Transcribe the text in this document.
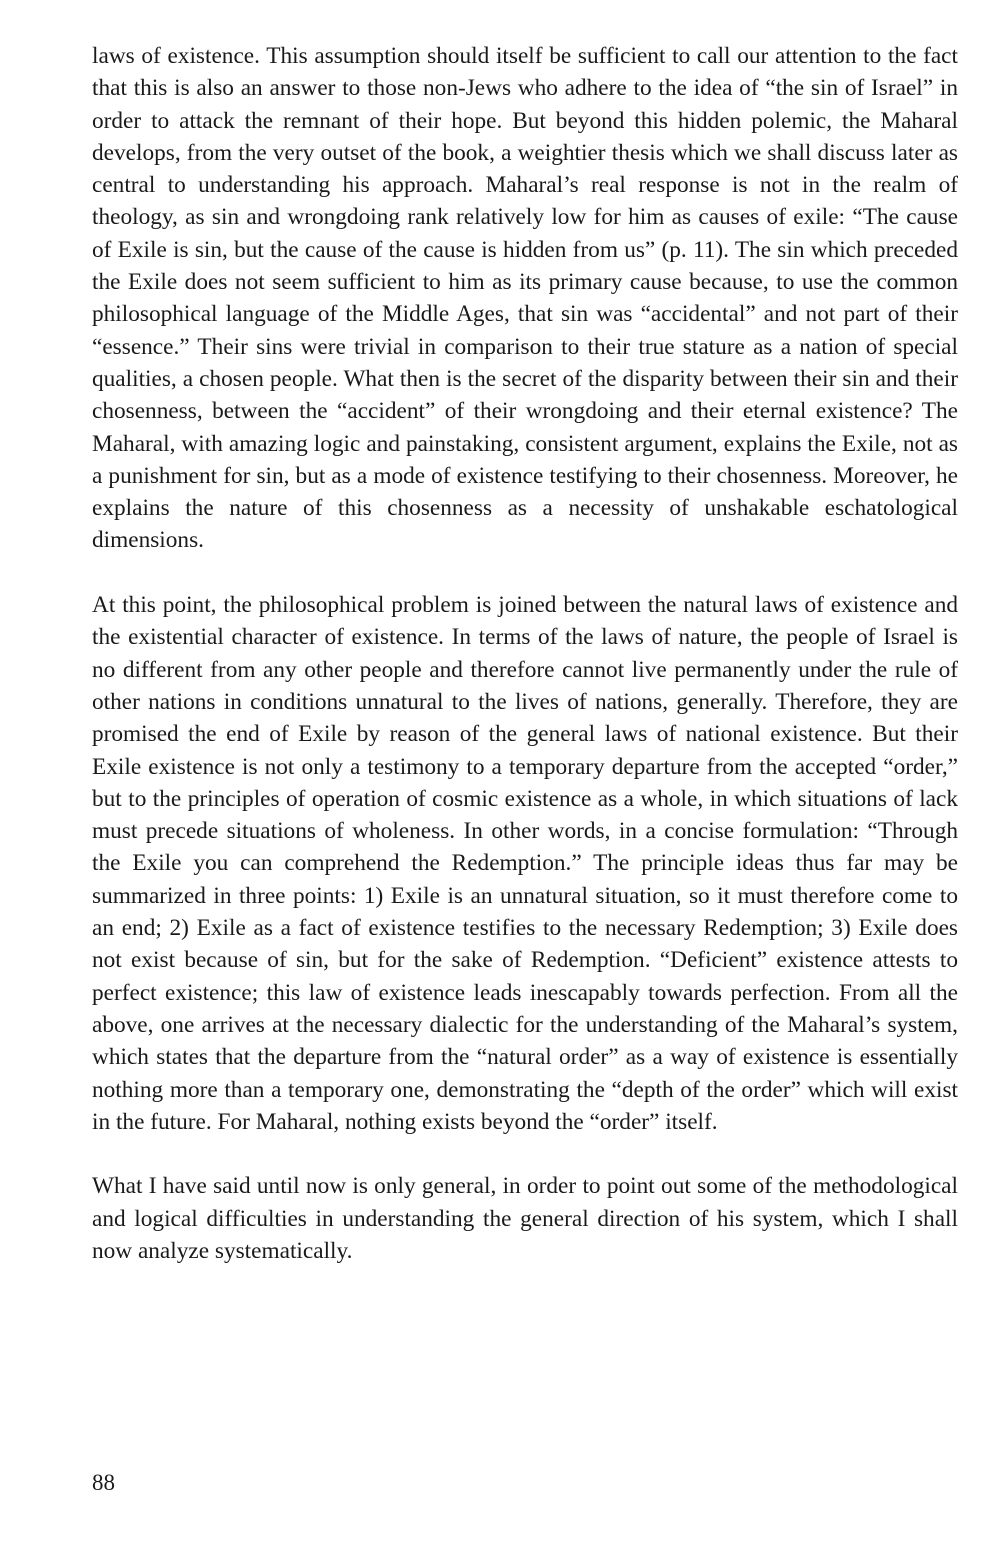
laws of existence. This assumption should itself be sufficient to call our attention to the fact that this is also an answer to those non-Jews who adhere to the idea of “the sin of Israel” in order to attack the remnant of their hope. But beyond this hidden polemic, the Maharal develops, from the very outset of the book, a weightier thesis which we shall discuss later as central to understanding his approach. Maharal’s real response is not in the realm of theology, as sin and wrongdoing rank relatively low for him as causes of exile: “The cause of Exile is sin, but the cause of the cause is hidden from us” (p. 11). The sin which preceded the Exile does not seem sufficient to him as its primary cause because, to use the common philosophical language of the Middle Ages, that sin was “accidental” and not part of their “essence.” Their sins were trivial in comparison to their true stature as a nation of special qualities, a chosen people. What then is the secret of the disparity between their sin and their chosenness, between the “accident” of their wrongdoing and their eternal existence? The Maharal, with amazing logic and painstaking, consistent argument, explains the Exile, not as a punishment for sin, but as a mode of existence testifying to their chosenness. Moreover, he explains the nature of this chosenness as a necessity of unshakable eschatological dimensions.

At this point, the philosophical problem is joined between the natural laws of existence and the existential character of existence. In terms of the laws of nature, the people of Israel is no different from any other people and therefore cannot live permanently under the rule of other nations in conditions unnatural to the lives of nations, generally. Therefore, they are promised the end of Exile by reason of the general laws of national existence. But their Exile existence is not only a testimony to a temporary departure from the accepted “order,” but to the principles of operation of cosmic existence as a whole, in which situations of lack must precede situations of wholeness. In other words, in a concise formulation: “Through the Exile you can comprehend the Redemption.” The principle ideas thus far may be summarized in three points: 1) Exile is an unnatural situation, so it must therefore come to an end; 2) Exile as a fact of existence testifies to the necessary Redemption; 3) Exile does not exist because of sin, but for the sake of Redemption. “Deficient” existence attests to perfect existence; this law of existence leads inescapably towards perfection. From all the above, one arrives at the necessary dialectic for the understanding of the Maharal’s system, which states that the departure from the “natural order” as a way of existence is essentially nothing more than a temporary one, demonstrating the “depth of the order” which will exist in the future. For Maharal, nothing exists beyond the “order” itself.

What I have said until now is only general, in order to point out some of the methodological and logical difficulties in understanding the general direction of his system, which I shall now analyze systematically.

88
